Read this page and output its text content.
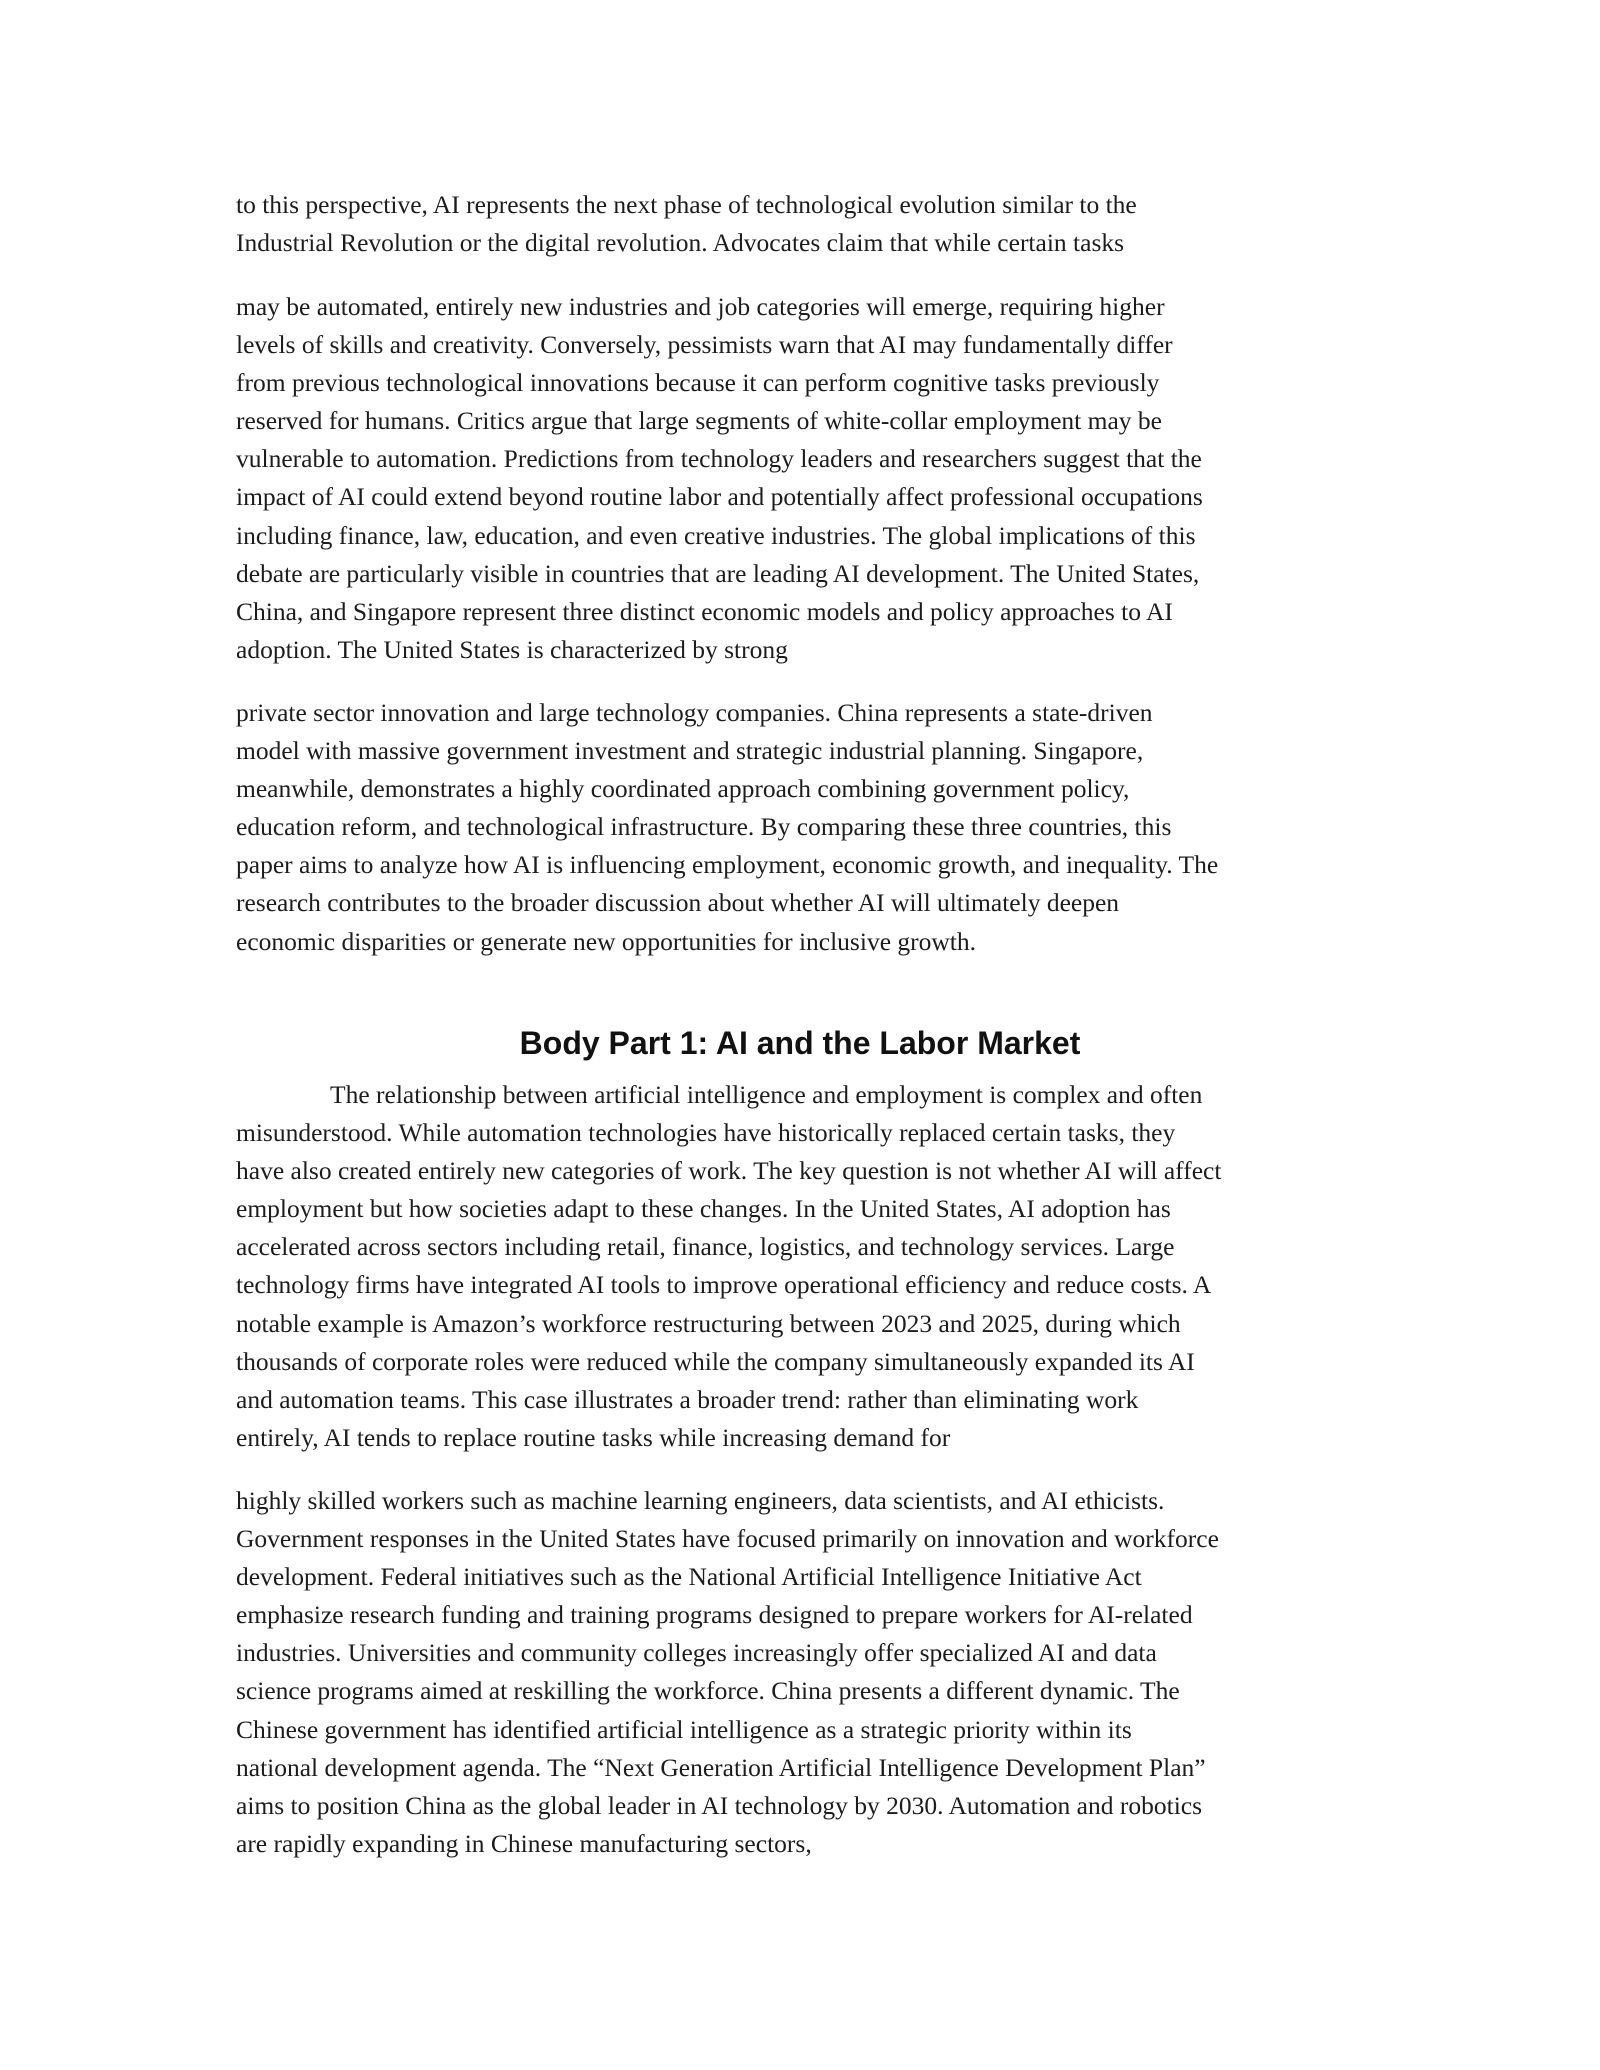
to this perspective, AI represents the next phase of technological evolution similar to the
Industrial Revolution or the digital revolution. Advocates claim that while certain tasks

may be automated, entirely new industries and job categories will emerge, requiring higher
levels of skills and creativity. Conversely, pessimists warn that AI may fundamentally differ
from previous technological innovations because it can perform cognitive tasks previously
reserved for humans. Critics argue that large segments of white-collar employment may be
vulnerable to automation. Predictions from technology leaders and researchers suggest that the
impact of AI could extend beyond routine labor and potentially affect professional occupations
including finance, law, education, and even creative industries. The global implications of this
debate are particularly visible in countries that are leading AI development. The United States,
China, and Singapore represent three distinct economic models and policy approaches to AI
adoption. The United States is characterized by strong

private sector innovation and large technology companies. China represents a state-driven
model with massive government investment and strategic industrial planning. Singapore,
meanwhile, demonstrates a highly coordinated approach combining government policy,
education reform, and technological infrastructure. By comparing these three countries, this
paper aims to analyze how AI is influencing employment, economic growth, and inequality. The
research contributes to the broader discussion about whether AI will ultimately deepen
economic disparities or generate new opportunities for inclusive growth.

Body Part 1: AI and the Labor Market

The relationship between artificial intelligence and employment is complex and often
misunderstood. While automation technologies have historically replaced certain tasks, they
have also created entirely new categories of work. The key question is not whether AI will affect
employment but how societies adapt to these changes. In the United States, AI adoption has
accelerated across sectors including retail, finance, logistics, and technology services. Large
technology firms have integrated AI tools to improve operational efficiency and reduce costs. A
notable example is Amazon’s workforce restructuring between 2023 and 2025, during which
thousands of corporate roles were reduced while the company simultaneously expanded its AI
and automation teams. This case illustrates a broader trend: rather than eliminating work
entirely, AI tends to replace routine tasks while increasing demand for

highly skilled workers such as machine learning engineers, data scientists, and AI ethicists.
Government responses in the United States have focused primarily on innovation and workforce
development. Federal initiatives such as the National Artificial Intelligence Initiative Act
emphasize research funding and training programs designed to prepare workers for AI-related
industries. Universities and community colleges increasingly offer specialized AI and data
science programs aimed at reskilling the workforce. China presents a different dynamic. The
Chinese government has identified artificial intelligence as a strategic priority within its
national development agenda. The “Next Generation Artificial Intelligence Development Plan”
aims to position China as the global leader in AI technology by 2030. Automation and robotics
are rapidly expanding in Chinese manufacturing sectors,
